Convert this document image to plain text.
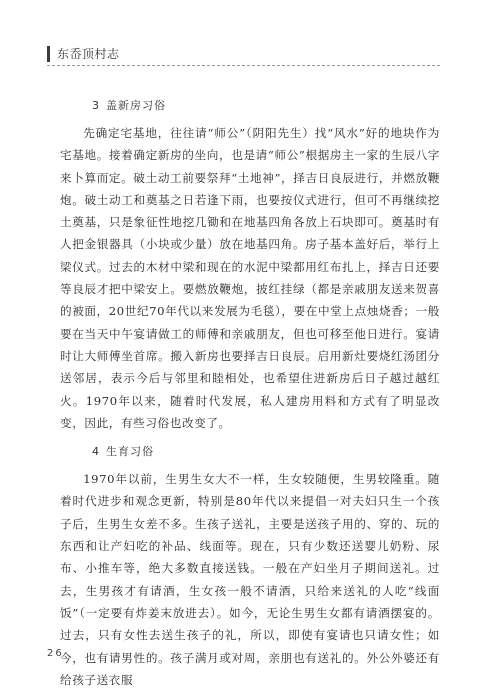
东岙顶村志
3 盖新房习俗

先确定宅基地，往往请“师公”（阴阳先生）找“风水”好的地块作为宅基地。接着确定新房的坐向，也是请“师公”根据房主一家的生辰八字来卜算而定。破土动工前要祭拜“土地神”，择吉日良辰进行，并燃放鞭炮。破土动工和奠基之日若逢下雨，也要按仪式进行，但可不再继续挖土奠基，只是象征性地挖几锄和在地基四角各放上石块即可。奠基时有人把金银器具（小块或少量）放在地基四角。房子基本盖好后，举行上梁仪式。过去的木材中梁和现在的水泥中梁都用红布扎上，择吉日还要等良辰才把中梁安上。要燃放鞭炮，披红挂绿（都是亲戚朋友送来贺喜的被面，20世纪70年代以来发展为毛毯），要在中堂上点烛烧香；一般要在当天中午宴请做工的师傅和亲戚朋友，但也可移至他日进行。宴请时让大师傅坐首席。搬入新房也要择吉日良辰。启用新灶要烧红汤团分送邻居，表示今后与邻里和睦相处，也希望住进新房后日子越过越红火。1970年以来，随着时代发展，私人建房用料和方式有了明显改变，因此，有些习俗也改变了。

4 生育习俗

1970年以前，生男生女大不一样，生女较随便，生男较隆重。随着时代进步和观念更新，特别是80年代以来提倡一对夫妇只生一个孩子后，生男生女差不多。生孩子送礼，主要是送孩子用的、穿的、玩的东西和让产妇吃的补品、线面等。现在，只有少数还送婴儿奶粉、尿布、小推车等，绝大多数直接送钱。一般在产妇坐月子期间送礼。过去，生男孩才有请酒，生女孩一般不请酒，只给来送礼的人吃“线面饭”（一定要有炸姜末放进去）。如今，无论生男生女都有请酒摆宴的。过去，只有女性去送生孩子的礼，所以，即使有宴请也只请女性；如今，也有请男性的。孩子满月或对周，亲朋也有送礼的。外公外婆还有给孩子送衣服

26
